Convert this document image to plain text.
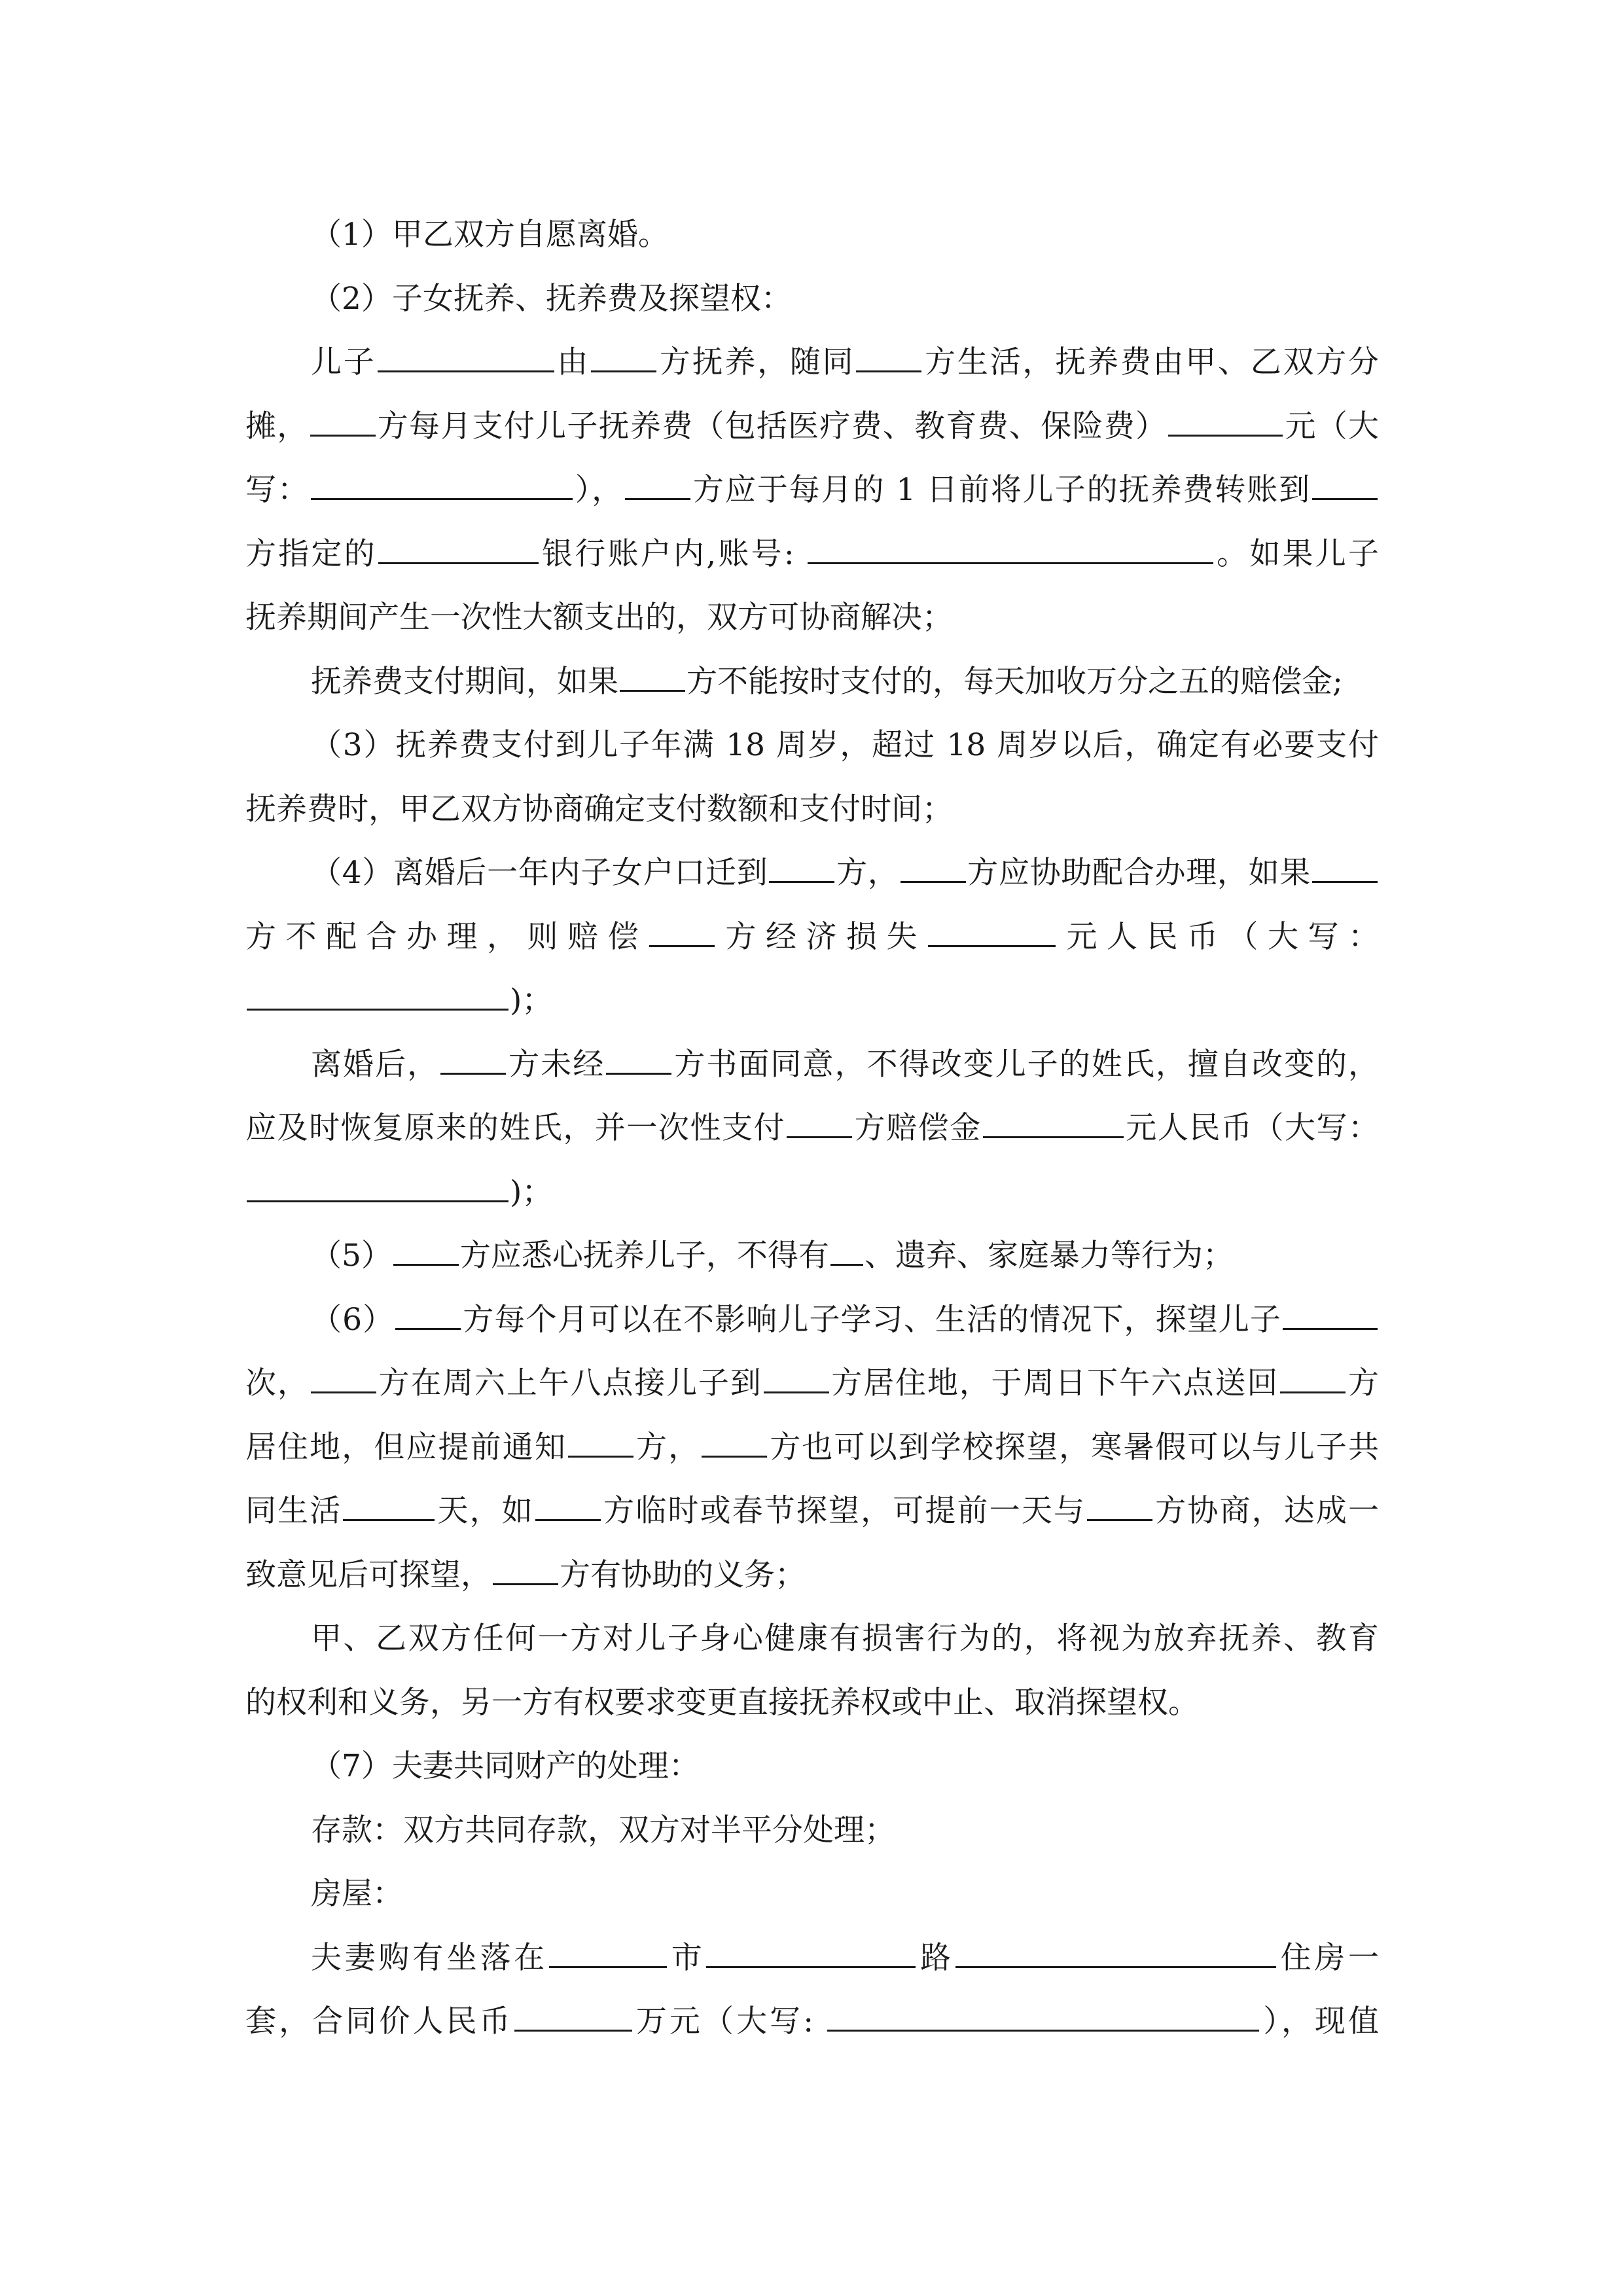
（1）甲乙双方自愿离婚。
（2）子女抚养、抚养费及探望权：
儿子	由 方抚养，随同 方生活，抚养费由甲、乙双方分
摊， 方每月支付儿子抚养费（包括医疗费、教育费、保险费）	元（大
写：	）， 方应于每月的 1 日前将儿子的抚养费转账到
方指定的	银行账户内,账号:	。如果儿子
抚养期间产生一次性大额支出的，双方可协商解决；
抚养费支付期间，如果 方不能按时支付的，每天加收万分之五的赔偿金;
（3）抚养费支付到儿子年满 18 周岁，超过 18 周岁以后，确定有必要支付
抚养费时，甲乙双方协商确定支付数额和支付时间；
（4）离婚后一年内子女户口迁到 方， 方应协助配合办理，如果
方不配合办理，则赔偿 方经济损失	元人民币（大写：
)；
离婚后， 方未经 方书面同意，不得改变儿子的姓氏，擅自改变的，
应及时恢复原来的姓氏，并一次性支付 方赔偿金	元人民币（大写：
)；
（5） 方应悉心抚养儿子，不得有 、遗弃、家庭暴力等行为；
（6） 方每个月可以在不影响儿子学习、生活的情况下，探望儿子
次， 方在周六上午八点接儿子到 方居住地，于周日下午六点送回 方
居住地，但应提前通知 方， 方也可以到学校探望，寒暑假可以与儿子共
同生活	天，如 方临时或春节探望，可提前一天与 方协商，达成一
致意见后可探望， 方有协助的义务；
甲、乙双方任何一方对儿子身心健康有损害行为的，将视为放弃抚养、教育
的权利和义务，另一方有权要求变更直接抚养权或中止、取消探望权。
（7）夫妻共同财产的处理：
存款：双方共同存款，双方对半平分处理；
房屋：
夫妻购有坐落在	市	路	住房一
套，合同价人民币	万元（大写:	），现值
